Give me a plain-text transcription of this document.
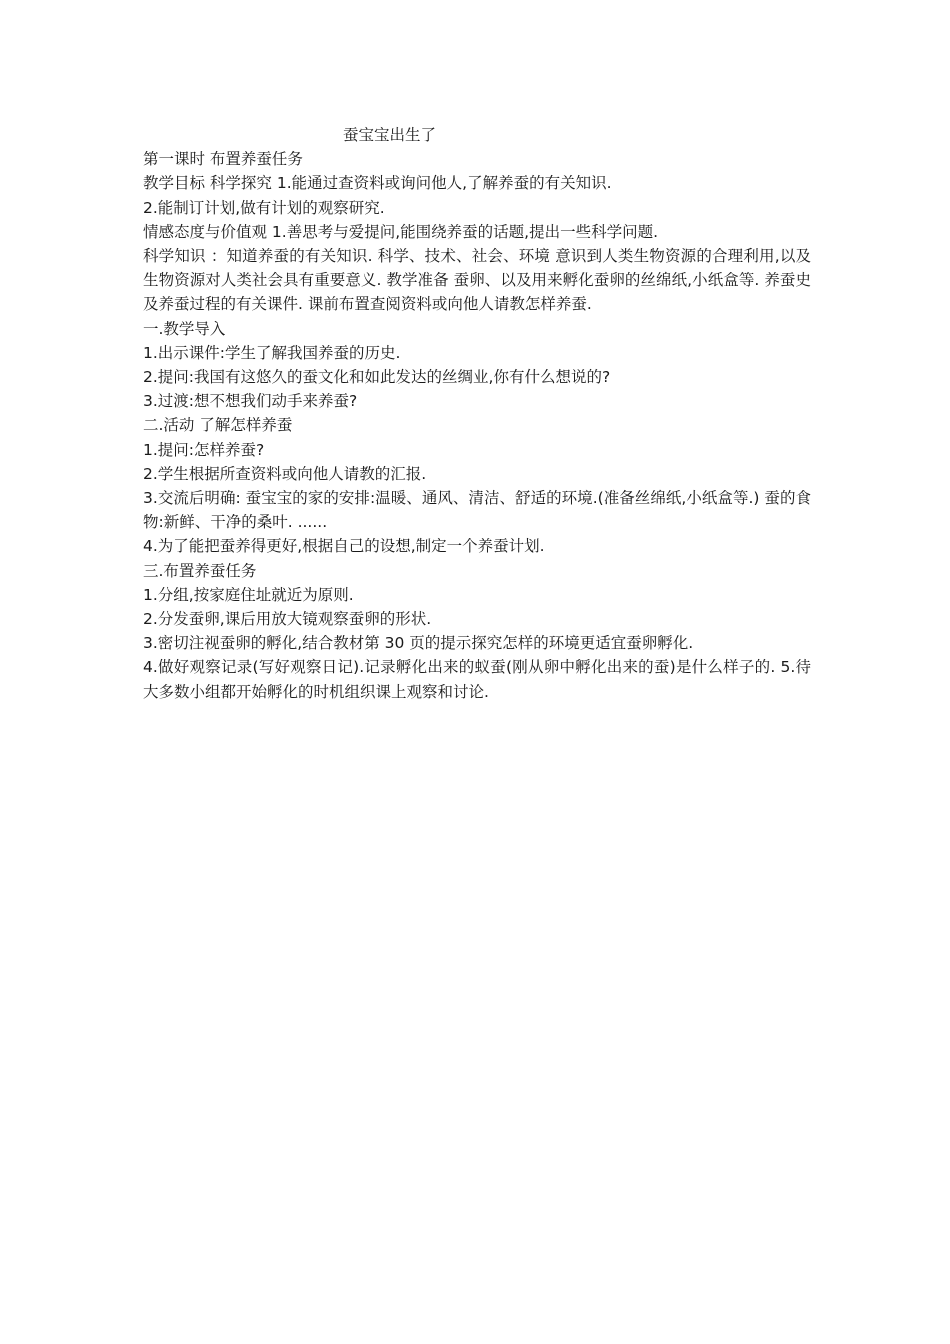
蚕宝宝出生了
第一课时 布置养蚕任务
教学目标 科学探究 1.能通过查资料或询问他人,了解养蚕的有关知识.
2.能制订计划,做有计划的观察研究.
情感态度与价值观 1.善思考与爱提问,能围绕养蚕的话题,提出一些科学问题.
科学知识 ：知道养蚕的有关知识. 科学、技术、社会、环境 意识到人类生物资源的合理利用,以及生物资源对人类社会具有重要意义. 教学准备 蚕卵、以及用来孵化蚕卵的丝绵纸,小纸盒等. 养蚕史及养蚕过程的有关课件. 课前布置查阅资料或向他人请教怎样养蚕.
一.教学导入
1.出示课件:学生了解我国养蚕的历史.
2.提问:我国有这悠久的蚕文化和如此发达的丝绸业,你有什么想说的?
3.过渡:想不想我们动手来养蚕?
二.活动 了解怎样养蚕
1.提问:怎样养蚕?
2.学生根据所查资料或向他人请教的汇报.
3.交流后明确: 蚕宝宝的家的安排:温暖、通风、清洁、舒适的环境.(准备丝绵纸,小纸盒等.) 蚕的食物:新鲜、干净的桑叶. ......
4.为了能把蚕养得更好,根据自己的设想,制定一个养蚕计划.
三.布置养蚕任务
1.分组,按家庭住址就近为原则.
2.分发蚕卵,课后用放大镜观察蚕卵的形状.
3.密切注视蚕卵的孵化,结合教材第 30 页的提示探究怎样的环境更适宜蚕卵孵化.
4.做好观察记录(写好观察日记).记录孵化出来的蚁蚕(刚从卵中孵化出来的蚕)是什么样子的. 5.待大多数小组都开始孵化的时机组织课上观察和讨论.
